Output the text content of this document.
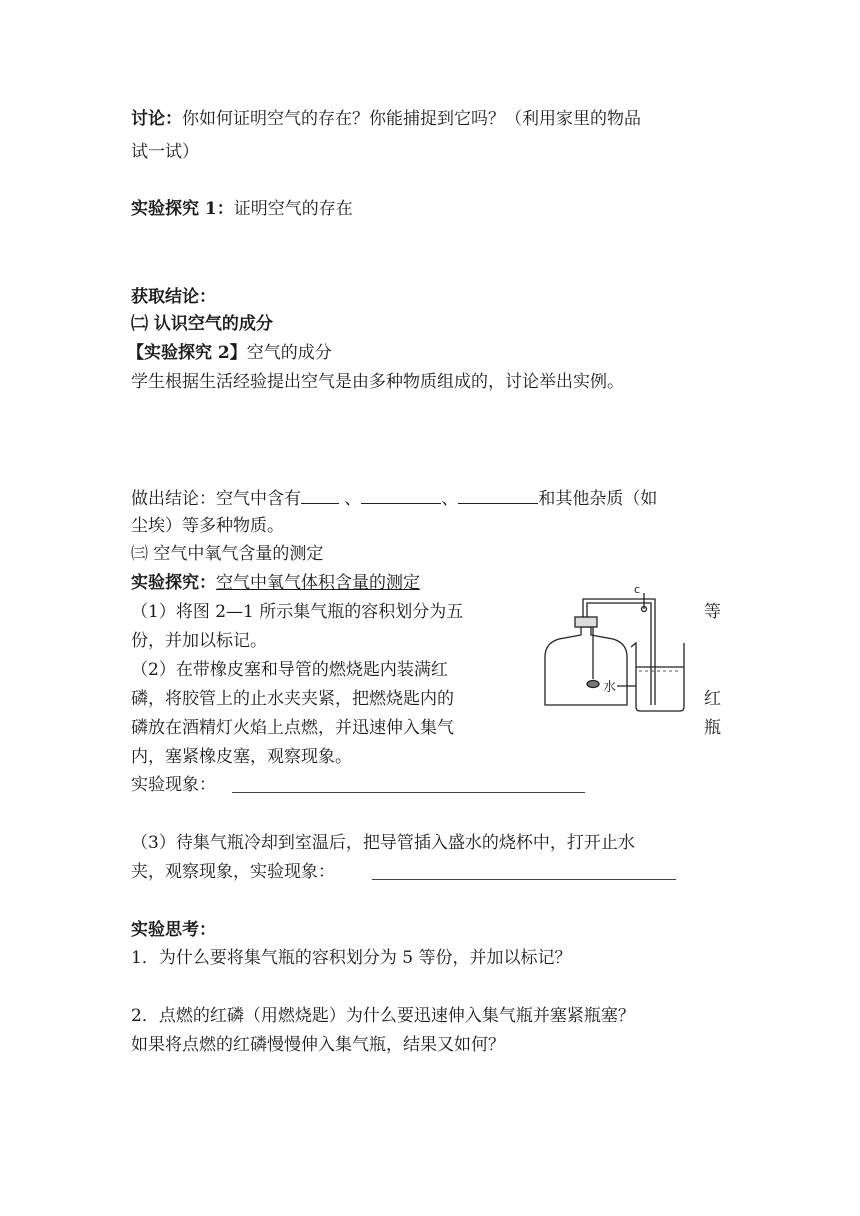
讨论：你如何证明空气的存在？你能捕捉到它吗？（利用家里的物品
试一试）
实验探究 1：证明空气的存在
获取结论：
㈡ 认识空气的成分
【实验探究 2】空气的成分
学生根据生活经验提出空气是由多种物质组成的，讨论举出实例。
做出结论：空气中含有 、	、	和其他杂质（如
尘埃）等多种物质。
㈢ 空气中氧气含量的测定
实验探究：空气中氧气体积含量的测定
（1）将图 2—1 所示集气瓶的容积划分为五
份，并加以标记。
（2）在带橡皮塞和导管的燃烧匙内装满红
磷，将胶管上的止水夹夹紧，把燃烧匙内的
磷放在酒精灯火焰上点燃，并迅速伸入集气
内，塞紧橡皮塞，观察现象。
实验现象：
等
红
瓶
水
c
（3）待集气瓶冷却到室温后，把导管插入盛水的烧杯中，打开止水
夹，观察现象，实验现象：
实验思考：
1．为什么要将集气瓶的容积划分为 5 等份，并加以标记？
2．点燃的红磷（用燃烧匙）为什么要迅速伸入集气瓶并塞紧瓶塞？
如果将点燃的红磷慢慢伸入集气瓶，结果又如何？
